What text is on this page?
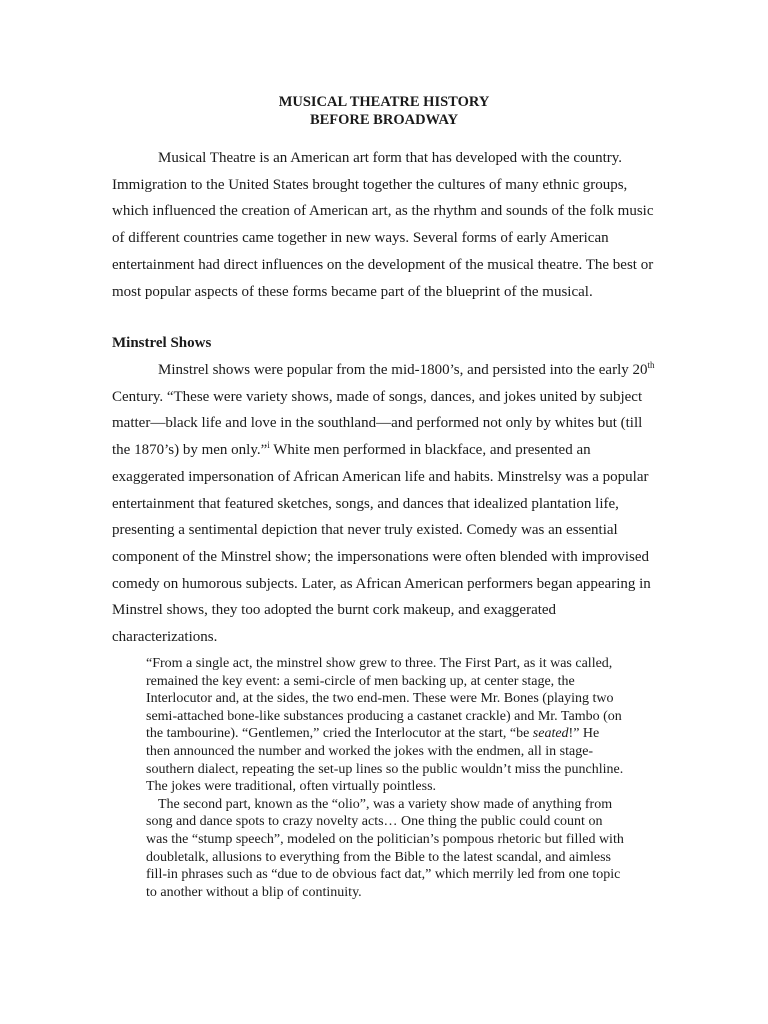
MUSICAL THEATRE HISTORY
BEFORE BROADWAY

Musical Theatre is an American art form that has developed with the country. Immigration to the United States brought together the cultures of many ethnic groups, which influenced the creation of American art, as the rhythm and sounds of the folk music of different countries came together in new ways. Several forms of early American entertainment had direct influences on the development of the musical theatre. The best or most popular aspects of these forms became part of the blueprint of the musical.

Minstrel Shows

Minstrel shows were popular from the mid-1800’s, and persisted into the early 20th Century. “These were variety shows, made of songs, dances, and jokes united by subject matter—black life and love in the southland—and performed not only by whites but (till the 1870’s) by men only.”$^i$ White men performed in blackface, and presented an exaggerated impersonation of African American life and habits. Minstrelsy was a popular entertainment that featured sketches, songs, and dances that idealized plantation life, presenting a sentimental depiction that never truly existed. Comedy was an essential component of the Minstrel show; the impersonations were often blended with improvised comedy on humorous subjects. Later, as African American performers began appearing in Minstrel shows, they too adopted the burnt cork makeup, and exaggerated characterizations.

“From a single act, the minstrel show grew to three. The First Part, as it was called, remained the key event: a semi-circle of men backing up, at center stage, the Interlocutor and, at the sides, the two end-men. These were Mr. Bones (playing two semi-attached bone-like substances producing a castanet crackle) and Mr. Tambo (on the tambourine). “Gentlemen,” cried the Interlocutor at the start, “be seated!” He then announced the number and worked the jokes with the endmen, all in stage-southern dialect, repeating the set-up lines so the public wouldn’t miss the punchline. The jokes were traditional, often virtually pointless.

The second part, known as the “olio”, was a variety show made of anything from song and dance spots to crazy novelty acts… One thing the public could count on was the “stump speech”, modeled on the politician’s pompous rhetoric but filled with doubletalk, allusions to everything from the Bible to the latest scandal, and aimless fill-in phrases such as “due to de obvious fact dat,” which merrily led from one topic to another without a blip of continuity.
